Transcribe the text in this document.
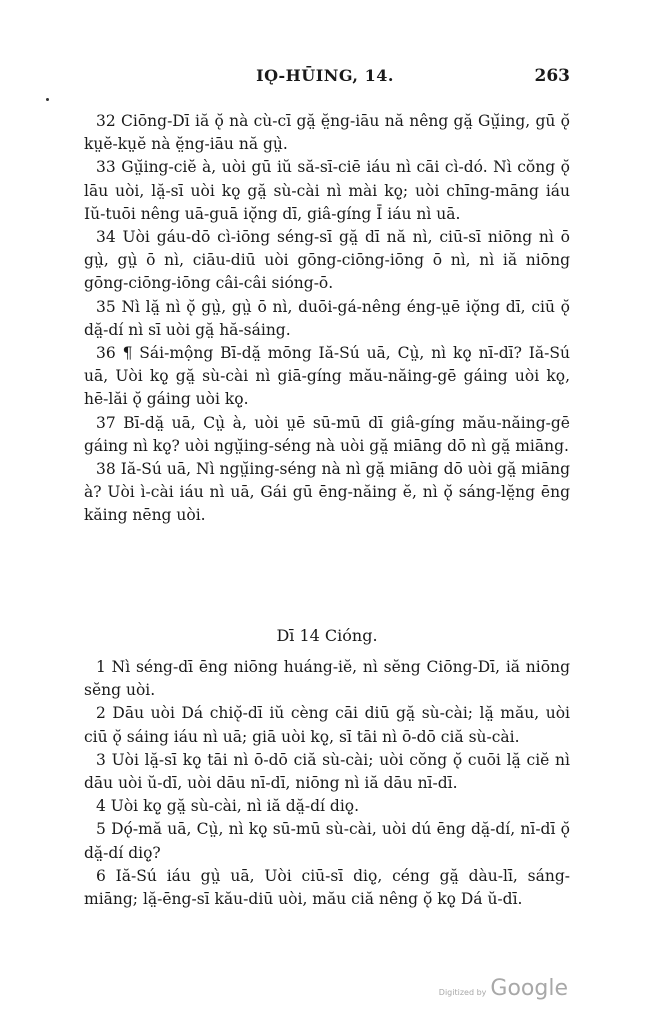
IǪ-HŪING, 14.	263

32 Ciōng-Dī iă ǫ̆ nà cù-cī gă̤ ĕ̤ng-iāu nă nêng gă̤ Gṳ̆ing, gū ǫ̆ kṳĕ-kṳĕ nà ĕ̤ng-iāu nă gṳ̀.

33 Gṳ̆ing-ciĕ à, uòi gū iŭ să-sī-ciē iáu nì cāi cì-dó. Nì cŏng ǫ̆ lāu uòi, lă̤-sī uòi kǫ̤ gă̤ sù-cài nì mài kǫ̤; uòi chīng-māng iáu Iŭ-tuōi nêng uā-guā iǫ̆ng dī, giâ-gíng Ī iáu nì uā.

34 Uòi gáu-dō cì-iōng séng-sī gă̤ dī nă nì, ciū-sī niōng nì ō gṳ̀, gṳ̀ ō nì, ciāu-diū uòi gōng-ciōng-iōng ō nì, nì iă niōng gōng-ciōng-iōng câi-câi sióng-ō.

35 Nì lă̤ nì ǫ̆ gṳ̀, gṳ̀ ō nì, duōi-gá-nêng éng-ṳē iǫ̆ng dī, ciū ǫ̆ dă̤-dí nì sī uòi gă̤ hă-sáing.

36 ¶ Sái-mộng Bī-dă̤ mōng Iă-Sú uā, Cṳ̀, nì kǫ̤ nī-dī? Iă-Sú uā, Uòi kǫ̤ gă̤ sù-cài nì giā-gíng mău-năing-gē gáing uòi kǫ̤, hē-lăi ǫ̆ gáing uòi kǫ̤.

37 Bī-dă̤ uā, Cṳ̀ à, uòi ṳē sū-mū dī giâ-gíng mău-năing-gē gáing nì kǫ̤? uòi ngṳ̆ing-séng nà uòi gă̤ miāng dō nì gă̤ miāng.

38 Iă-Sú uā, Nì ngṳ̆ing-séng nà nì gă̤ miāng dō uòi gă̤ miāng à? Uòi ì-cài iáu nì uā, Gái gū ēng-năing ĕ, nì ǫ̆ sáng-lĕ̤ng ēng kăing nēng uòi.

Dī 14 Cióng.

1 Nì séng-dī ēng niōng huáng-iĕ, nì sĕng Ciōng-Dī, iă niōng sĕng uòi.

2 Dāu uòi Dá chiǫ̆-dī iŭ cèng cāi diū gă̤ sù-cài; lă̤ mău, uòi ciū ǫ̆ sáing iáu nì uā; giā uòi kǫ̤, sī tāi nì ō-dō ciă sù-cài.

3 Uòi lă̤-sī kǫ̤ tāi nì ō-dō ciă sù-cài; uòi cŏng ǫ̆ cuōi lă̤ ciĕ nì dāu uòi ŭ-dī, uòi dāu nī-dī, niōng nì iă dāu nī-dī.

4 Uòi kǫ̤ gă̤ sù-cài, nì iă dă̤-dí diǫ̤.

5 Dǫ́-mă uā, Cṳ̀, nì kǫ̤ sū-mū sù-cài, uòi dú ēng dă̤-dí, nī-dī ǫ̆ dă̤-dí diǫ̤?

6 Iă-Sú iáu gṳ̀ uā, Uòi ciū-sī diǫ̤, céng gă̤ dàu-lī, sáng-miāng; lă̤-ēng-sī kău-diū uòi, mău ciă nêng ǫ̆ kǫ̤ Dá ŭ-dī.

Digitized by Google
